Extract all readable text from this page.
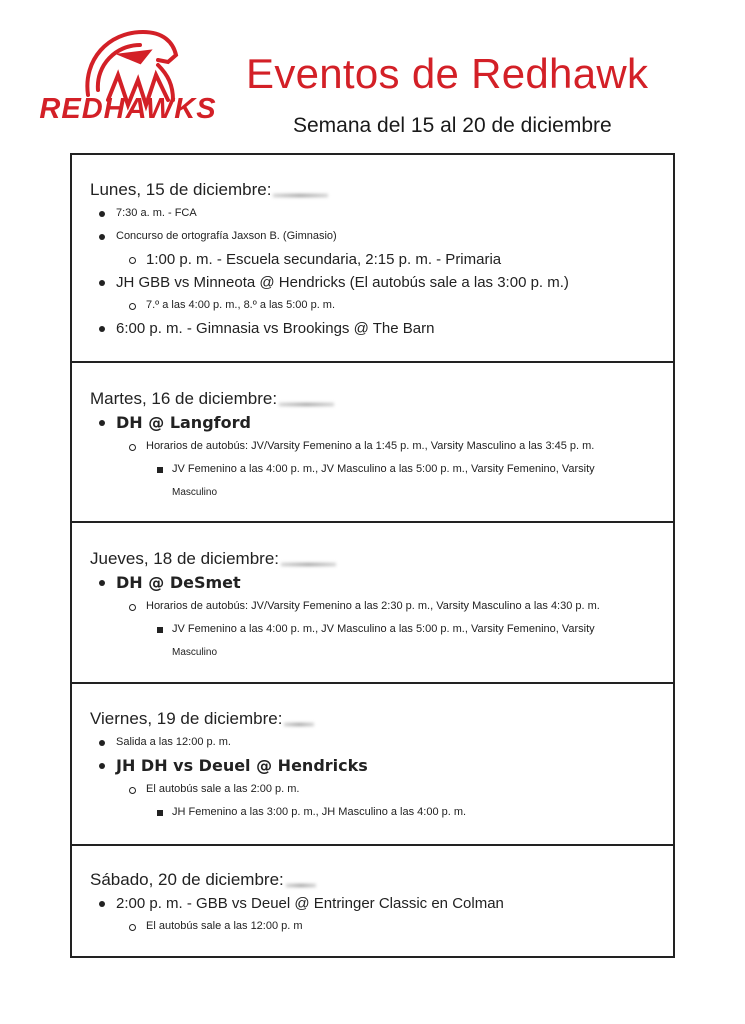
REDHAWKS
Eventos de Redhawk
Semana del 15 al 20 de diciembre
Lunes, 15 de diciembre:
7:30 a. m. - FCA
Concurso de ortografía Jaxson B. (Gimnasio)
1:00 p. m. - Escuela secundaria, 2:15 p. m. - Primaria
JH GBB vs Minneota @ Hendricks (El autobús sale a las 3:00 p. m.)
7.º a las 4:00 p. m., 8.º a las 5:00 p. m.
6:00 p. m. - Gimnasia vs Brookings @ The Barn
Martes, 16 de diciembre:
DH @ Langford
Horarios de autobús: JV/Varsity Femenino a la 1:45 p. m., Varsity Masculino a las 3:45 p. m.
JV Femenino a las 4:00 p. m., JV Masculino a las 5:00 p. m., Varsity Femenino, Varsity
Masculino
Jueves, 18 de diciembre:
DH @ DeSmet
Horarios de autobús: JV/Varsity Femenino a las 2:30 p. m., Varsity Masculino a las 4:30 p. m.
JV Femenino a las 4:00 p. m., JV Masculino a las 5:00 p. m., Varsity Femenino, Varsity
Masculino
Viernes, 19 de diciembre:
Salida a las 12:00 p. m.
JH DH vs Deuel @ Hendricks
El autobús sale a las 2:00 p. m.
JH Femenino a las 3:00 p. m., JH Masculino a las 4:00 p. m.
Sábado, 20 de diciembre:
2:00 p. m. - GBB vs Deuel @ Entringer Classic en Colman
El autobús sale a las 12:00 p. m
